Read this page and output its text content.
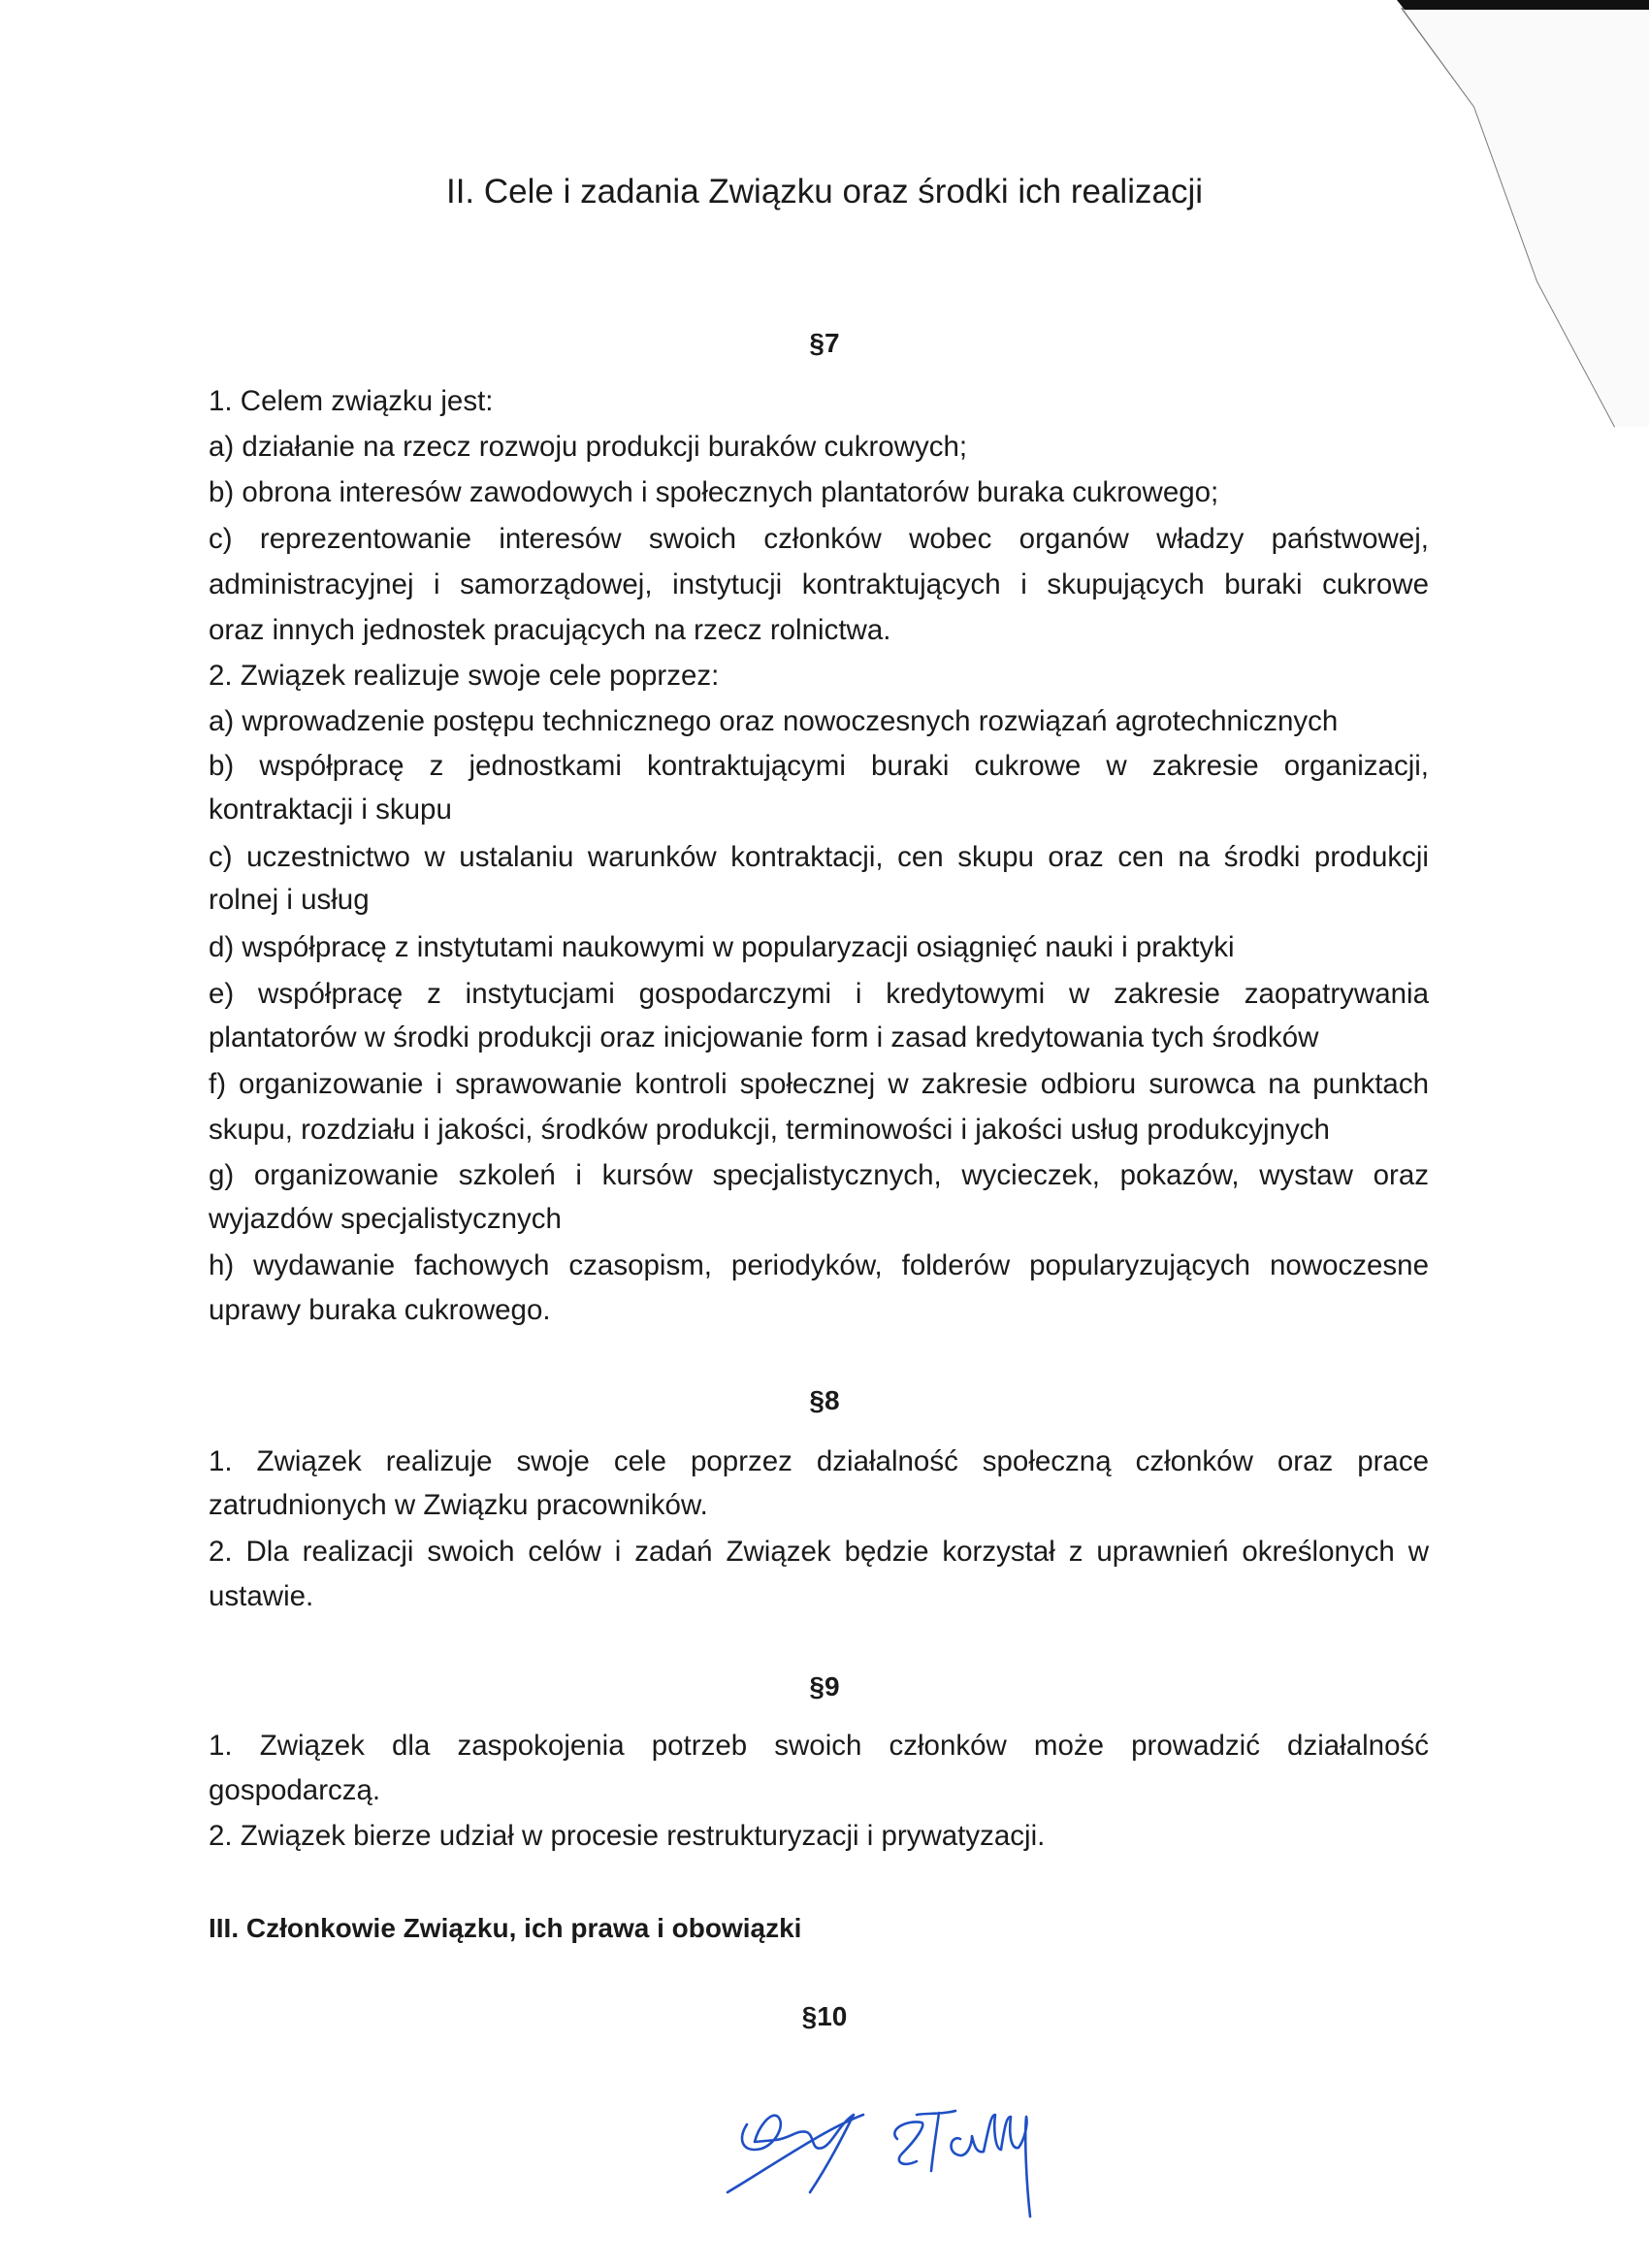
II. Cele i zadania Związku oraz środki ich realizacji
§7
1. Celem związku jest:
a) działanie na rzecz rozwoju produkcji buraków cukrowych;
b) obrona interesów zawodowych i społecznych plantatorów buraka cukrowego;
c) reprezentowanie interesów swoich członków wobec organów władzy państwowej,
administracyjnej i samorządowej, instytucji kontraktujących i skupujących buraki cukrowe
oraz innych jednostek pracujących na rzecz rolnictwa.
2. Związek realizuje swoje cele poprzez:
a) wprowadzenie postępu technicznego oraz nowoczesnych rozwiązań agrotechnicznych
b) współpracę z jednostkami kontraktującymi buraki cukrowe w zakresie organizacji,
kontraktacji i skupu
c) uczestnictwo w ustalaniu warunków kontraktacji, cen skupu oraz cen na środki produkcji
rolnej i usług
d) współpracę z instytutami naukowymi w popularyzacji osiągnięć nauki i praktyki
e) współpracę z instytucjami gospodarczymi i kredytowymi w zakresie zaopatrywania
plantatorów w środki produkcji oraz inicjowanie form i zasad kredytowania tych środków
f) organizowanie i sprawowanie kontroli społecznej w zakresie odbioru surowca na punktach
skupu, rozdziału i jakości, środków produkcji, terminowości i jakości usług produkcyjnych
g) organizowanie szkoleń i kursów specjalistycznych, wycieczek, pokazów, wystaw oraz
wyjazdów specjalistycznych
h) wydawanie fachowych czasopism, periodyków, folderów popularyzujących nowoczesne
uprawy buraka cukrowego.
§8
1. Związek realizuje swoje cele poprzez działalność społeczną członków oraz prace
zatrudnionych w Związku pracowników.
2. Dla realizacji swoich celów i zadań Związek będzie korzystał z uprawnień określonych w
ustawie.
§9
1. Związek dla zaspokojenia potrzeb swoich członków może prowadzić działalność
gospodarczą.
2. Związek bierze udział w procesie restrukturyzacji i prywatyzacji.
III. Członkowie Związku, ich prawa i obowiązki
§10
